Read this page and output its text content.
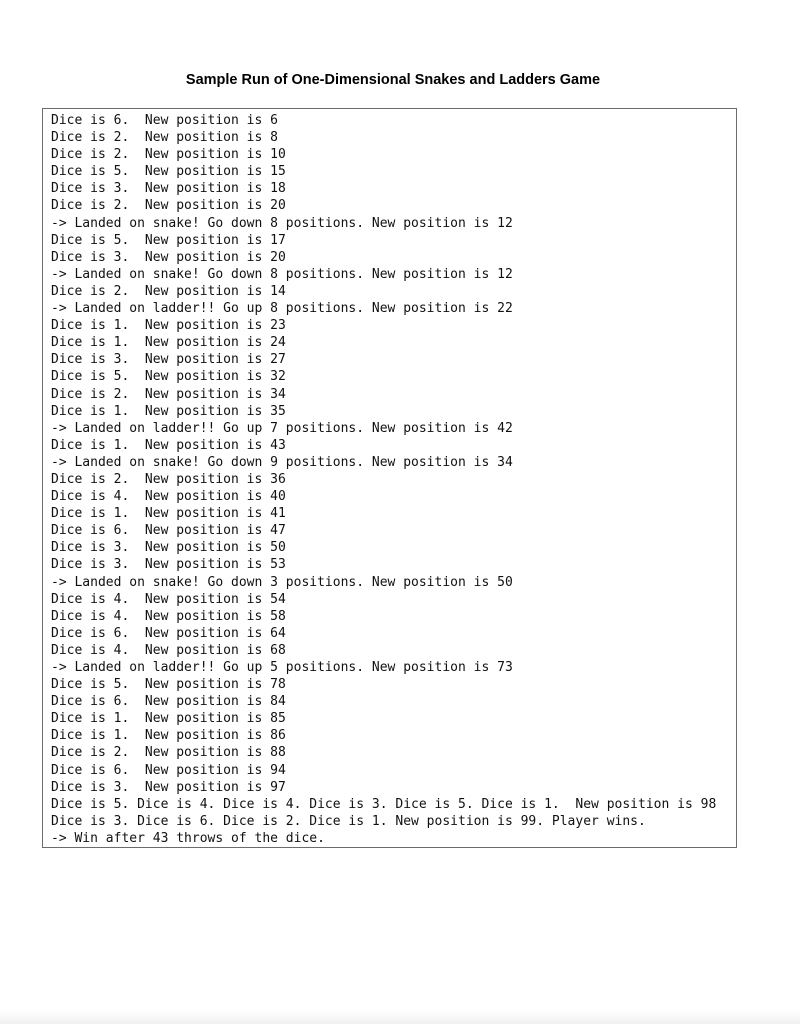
Sample Run of One-Dimensional Snakes and Ladders Game
Dice is 6.  New position is 6
Dice is 2.  New position is 8
Dice is 2.  New position is 10
Dice is 5.  New position is 15
Dice is 3.  New position is 18
Dice is 2.  New position is 20
-> Landed on snake! Go down 8 positions. New position is 12
Dice is 5.  New position is 17
Dice is 3.  New position is 20
-> Landed on snake! Go down 8 positions. New position is 12
Dice is 2.  New position is 14
-> Landed on ladder!! Go up 8 positions. New position is 22
Dice is 1.  New position is 23
Dice is 1.  New position is 24
Dice is 3.  New position is 27
Dice is 5.  New position is 32
Dice is 2.  New position is 34
Dice is 1.  New position is 35
-> Landed on ladder!! Go up 7 positions. New position is 42
Dice is 1.  New position is 43
-> Landed on snake! Go down 9 positions. New position is 34
Dice is 2.  New position is 36
Dice is 4.  New position is 40
Dice is 1.  New position is 41
Dice is 6.  New position is 47
Dice is 3.  New position is 50
Dice is 3.  New position is 53
-> Landed on snake! Go down 3 positions. New position is 50
Dice is 4.  New position is 54
Dice is 4.  New position is 58
Dice is 6.  New position is 64
Dice is 4.  New position is 68
-> Landed on ladder!! Go up 5 positions. New position is 73
Dice is 5.  New position is 78
Dice is 6.  New position is 84
Dice is 1.  New position is 85
Dice is 1.  New position is 86
Dice is 2.  New position is 88
Dice is 6.  New position is 94
Dice is 3.  New position is 97
Dice is 5. Dice is 4. Dice is 4. Dice is 3. Dice is 5. Dice is 1.  New position is 98
Dice is 3. Dice is 6. Dice is 2. Dice is 1. New position is 99. Player wins.
-> Win after 43 throws of the dice.
